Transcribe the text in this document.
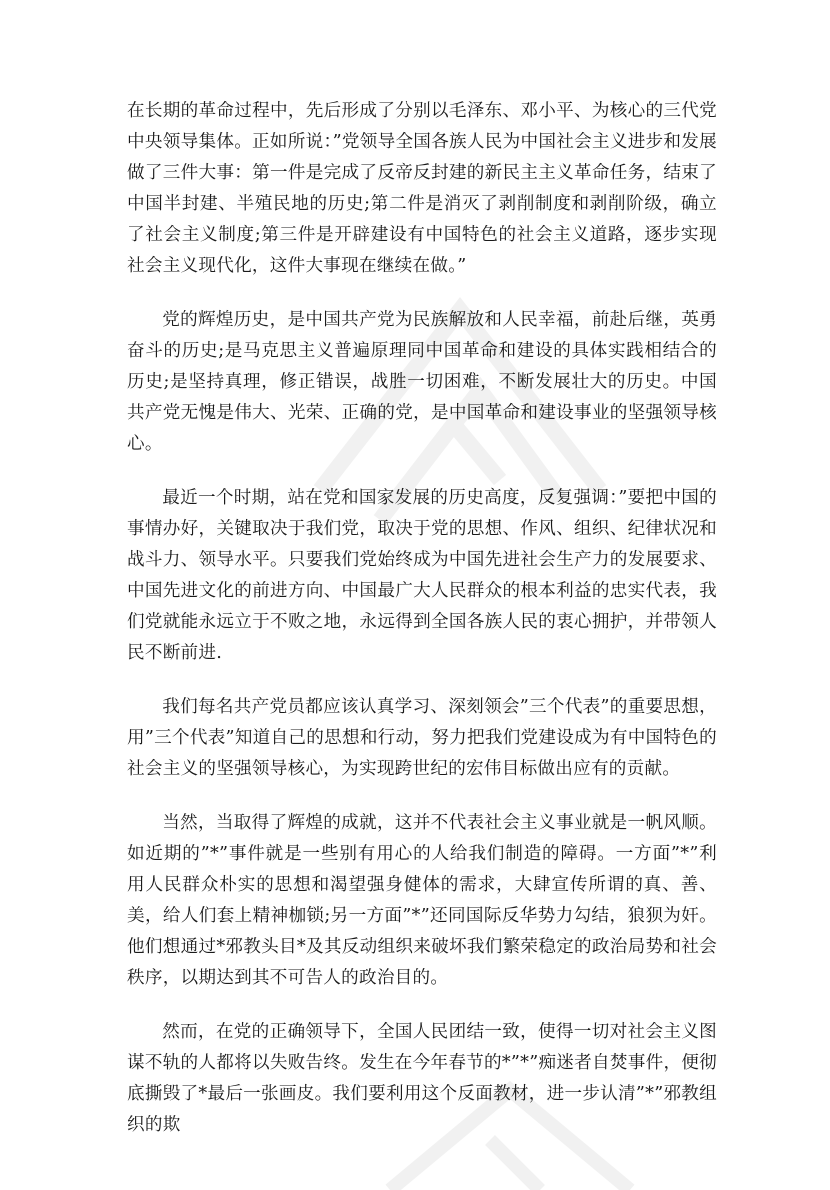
在长期的革命过程中，先后形成了分别以毛泽东、邓小平、为核心的三代党中央领导集体。正如所说：”党领导全国各族人民为中国社会主义进步和发展做了三件大事：第一件是完成了反帝反封建的新民主主义革命任务，结束了中国半封建、半殖民地的历史;第二件是消灭了剥削制度和剥削阶级，确立了社会主义制度;第三件是开辟建设有中国特色的社会主义道路，逐步实现社会主义现代化，这件大事现在继续在做。”

党的辉煌历史，是中国共产党为民族解放和人民幸福，前赴后继，英勇奋斗的历史;是马克思主义普遍原理同中国革命和建设的具体实践相结合的历史;是坚持真理，修正错误，战胜一切困难，不断发展壮大的历史。中国共产党无愧是伟大、光荣、正确的党，是中国革命和建设事业的坚强领导核心。

最近一个时期，站在党和国家发展的历史高度，反复强调：”要把中国的事情办好，关键取决于我们党，取决于党的思想、作风、组织、纪律状况和战斗力、领导水平。只要我们党始终成为中国先进社会生产力的发展要求、中国先进文化的前进方向、中国最广大人民群众的根本利益的忠实代表，我们党就能永远立于不败之地，永远得到全国各族人民的衷心拥护，并带领人民不断前进.

我们每名共产党员都应该认真学习、深刻领会”三个代表”的重要思想，用”三个代表”知道自己的思想和行动，努力把我们党建设成为有中国特色的社会主义的坚强领导核心，为实现跨世纪的宏伟目标做出应有的贡献。

当然，当取得了辉煌的成就，这并不代表社会主义事业就是一帆风顺。如近期的”*”事件就是一些别有用心的人给我们制造的障碍。一方面”*”利用人民群众朴实的思想和渴望强身健体的需求，大肆宣传所谓的真、善、美，给人们套上精神枷锁;另一方面”*”还同国际反华势力勾结，狼狈为奸。他们想通过*邪教头目*及其反动组织来破坏我们繁荣稳定的政治局势和社会秩序，以期达到其不可告人的政治目的。

然而，在党的正确领导下，全国人民团结一致，使得一切对社会主义图谋不轨的人都将以失败告终。发生在今年春节的*”*”痴迷者自焚事件，便彻底撕毁了*最后一张画皮。我们要利用这个反面教材，进一步认清”*”邪教组织的欺
